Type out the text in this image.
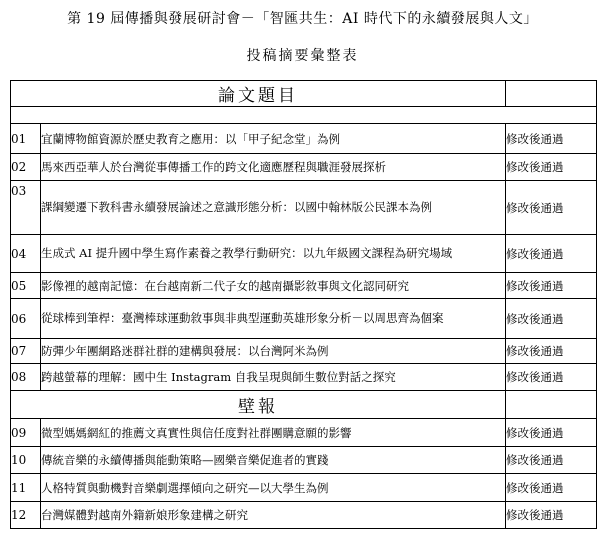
第 19 屆傳播與發展研討會－「智匯共生：AI 時代下的永續發展與人文」
投稿摘要彙整表
論文題目		

01	宜蘭博物館資源於歷史教育之應用：以「甲子紀念堂」為例	修改後通過
02	馬來西亞華人於台灣從事傳播工作的跨文化適應歷程與職涯發展探析	修改後通過
03	課綱變遷下教科書永續發展論述之意識形態分析：以國中翰林版公民課本為例	修改後通過
04	生成式 AI 提升國中學生寫作素養之教學行動研究：以九年級國文課程為研究場域	修改後通過
05	影像裡的越南記憶：在台越南新二代子女的越南攝影敘事與文化認同研究	修改後通過
06	從球棒到筆桿：臺灣棒球運動敘事與非典型運動英雄形象分析－以周思齊為個案	修改後通過
07	防彈少年團網路迷群社群的建構與發展：以台灣阿米為例	修改後通過
08	跨越螢幕的理解：國中生 Instagram 自我呈現與師生數位對話之探究	修改後通過
壁報		
09	微型媽媽網紅的推薦文真實性與信任度對社群團購意願的影響	修改後通過
10	傳統音樂的永續傳播與能動策略—國樂音樂促進者的實踐	修改後通過
11	人格特質與動機對音樂劇選擇傾向之研究—以大學生為例	修改後通過
12	台灣媒體對越南外籍新娘形象建構之研究	修改後通過
